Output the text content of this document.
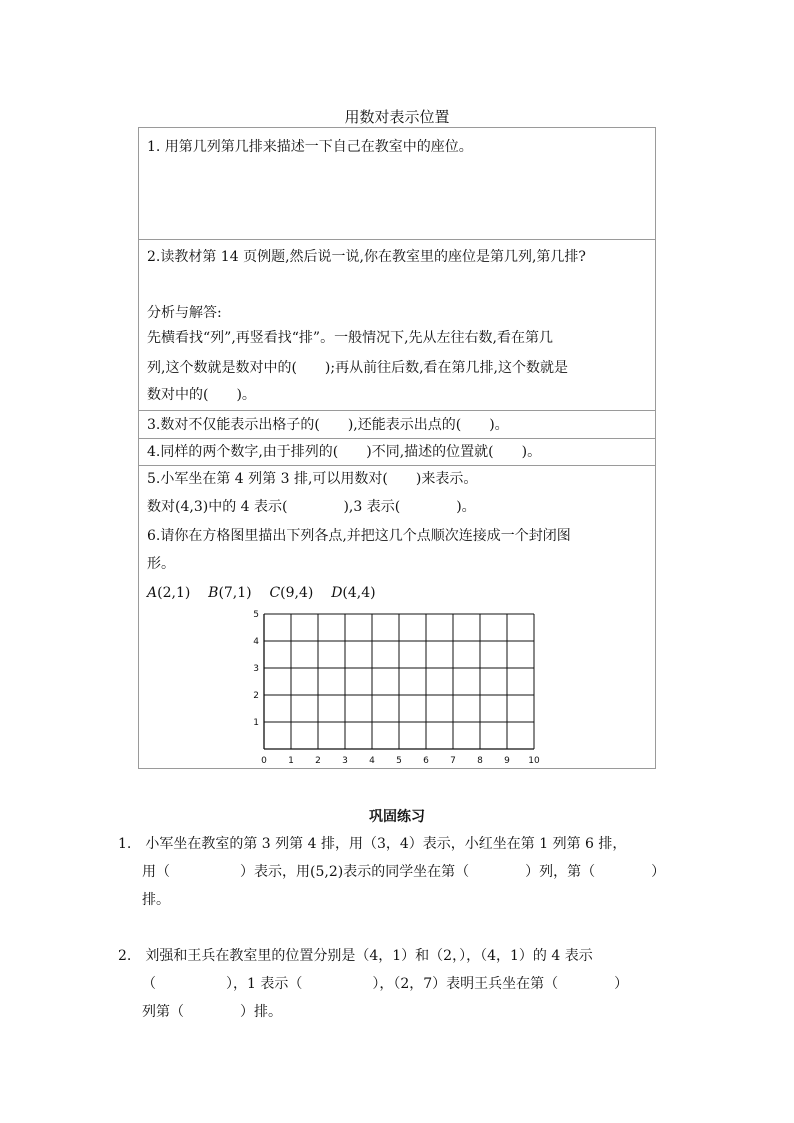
用数对表示位置
1. 用第几列第几排来描述一下自己在教室中的座位。
2.读教材第 14 页例题,然后说一说,你在教室里的座位是第几列,第几排?
分析与解答:
先横看找“列”,再竖看找“排”。一般情况下,先从左往右数,看在第几
列,这个数就是数对中的(　　);再从前往后数,看在第几排,这个数就是
数对中的(　　)。
3.数对不仅能表示出格子的(　　),还能表示出点的(　　)。
4.同样的两个数字,由于排列的(　　)不同,描述的位置就(　　)。
5.小军坐在第 4 列第 3 排,可以用数对(　　)来表示。
数对(4,3)中的 4 表示(　　　　),3 表示(　　　　)。
6.请你在方格图里描出下列各点,并把这几个点顺次连接成一个封闭图
形。
A(2,1) B(7,1) C(9,4) D(4,4)
0 1 2 3 4 5 6 7 8 9 10
1
2
3
4
5
巩固练习
1.　小军坐在教室的第 3 列第 4 排，用（3，4）表示，小红坐在第 1 列第 6 排，
用（　　　　　）表示，用(5,2)表示的同学坐在第（　　　　）列，第（　　　　）
排。
2.　刘强和王兵在教室里的位置分别是（4，1）和（2，），（4，1）的 4 表示
（　　　　　），1 表示（　　　　　），（2，7）表明王兵坐在第（　　　　）
列第（　　　　）排。
